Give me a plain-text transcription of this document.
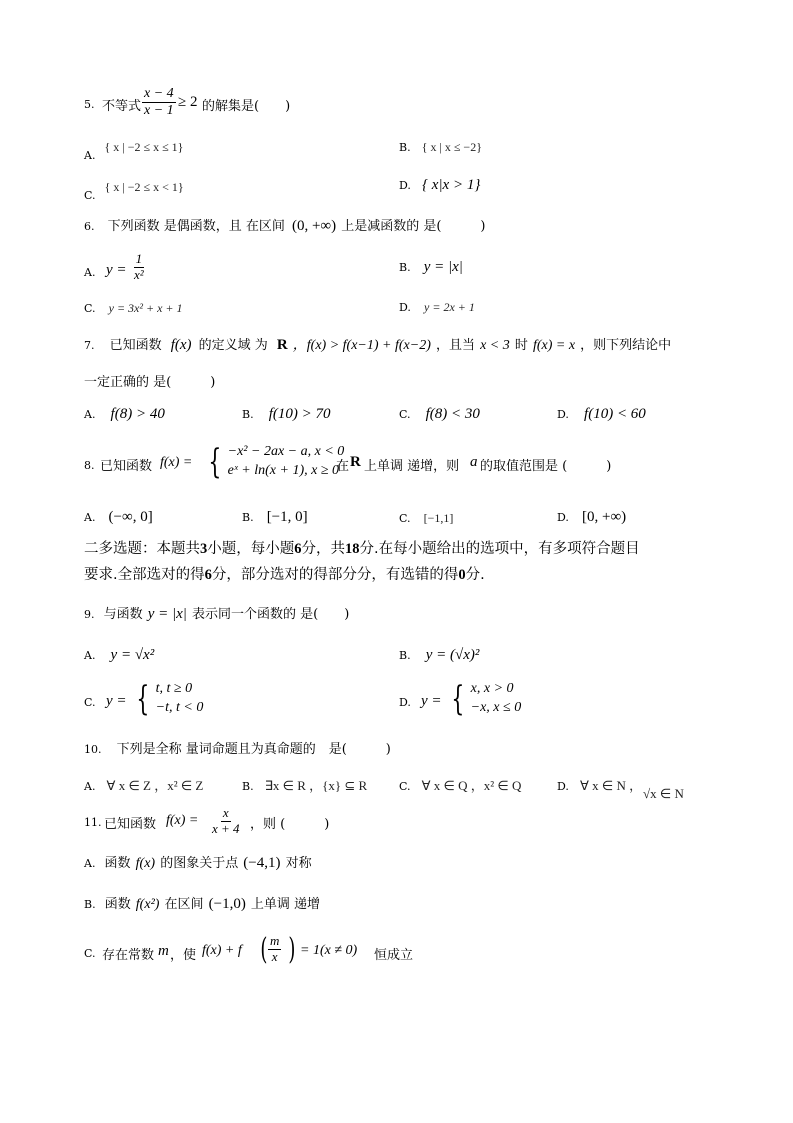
5. 不等式 $\frac{x - 4}{x - 1} \ge 2$ 的解集是(　　)
$_{A.}$ { x | −2 ≤ x ≤ 1}	B. { x | x ≤ −2}
$_{C.}$ { x | −2 ≤ x < 1}	D. { x|x > 1}
6. 下列函数 是偶函数，且 在区间 (0, +∞) 上是减函数的 是(　　　)
A. $y = \frac{1}{\text{x²}}$	B. y = |x|
C. y = 3x² + x + 1	D. y = 2x + 1
7. 已知函数 f(x) 的定义域 为 R ，f(x) > f(x−1) + f(x−2) ，且当 x < 3 时 f(x) = x ，则下列结论中
一定正确的 是(　　　)
A. f(8) > 40	B. f(10) > 70	C. f(8) < 30	D. f(10) < 60
8. 已知函数 f(x) = { −x² − 2ax − a, x < 0
eˣ + ln(x + 1), x ≥ 0
在 R 上单调 递增，则 a 的取值范围是 (　　　)
A. (−∞, 0]	B. [−1, 0]	C. [−1,1]	D. [0, +∞)
二多选题：本题共3小题，每小题6分，共18分.在每小题给出的选项中，有多项符合题目
要求.全部选对的得6分，部分选对的得部分分，有选错的得0分.
9. 与函数 y = |x| 表示同一个函数的 是(　　)
A. y = √x²	B. y = (√x)²
C. y = { t, t ≥ 0
−t, t < 0	D. y = { x, x > 0
−x, x ≤ 0
10. 下列是全称 量词命题且为真命题的　是(　　　)
A. ∀ x ∈ Z ，x² ∈ Z	B. ∃x ∈ R ，{x} ⊆ R	C. ∀ x ∈ Q ，x² ∈ Q	D. ∀ x ∈ N ，
√x ∈ N
11. 已知函数 $f(x) = \frac{x}{x + 4}$ ，则 (　　　)
A. 函数 f(x) 的图象关于点 (−4,1) 对称
B. 函数 f(x²) 在区间 (−1,0) 上单调 递增
C. 存在常数 m ，使 f(x) + f ( $\frac{m}{x}$ ) = 1(x ≠ 0) 恒成立
